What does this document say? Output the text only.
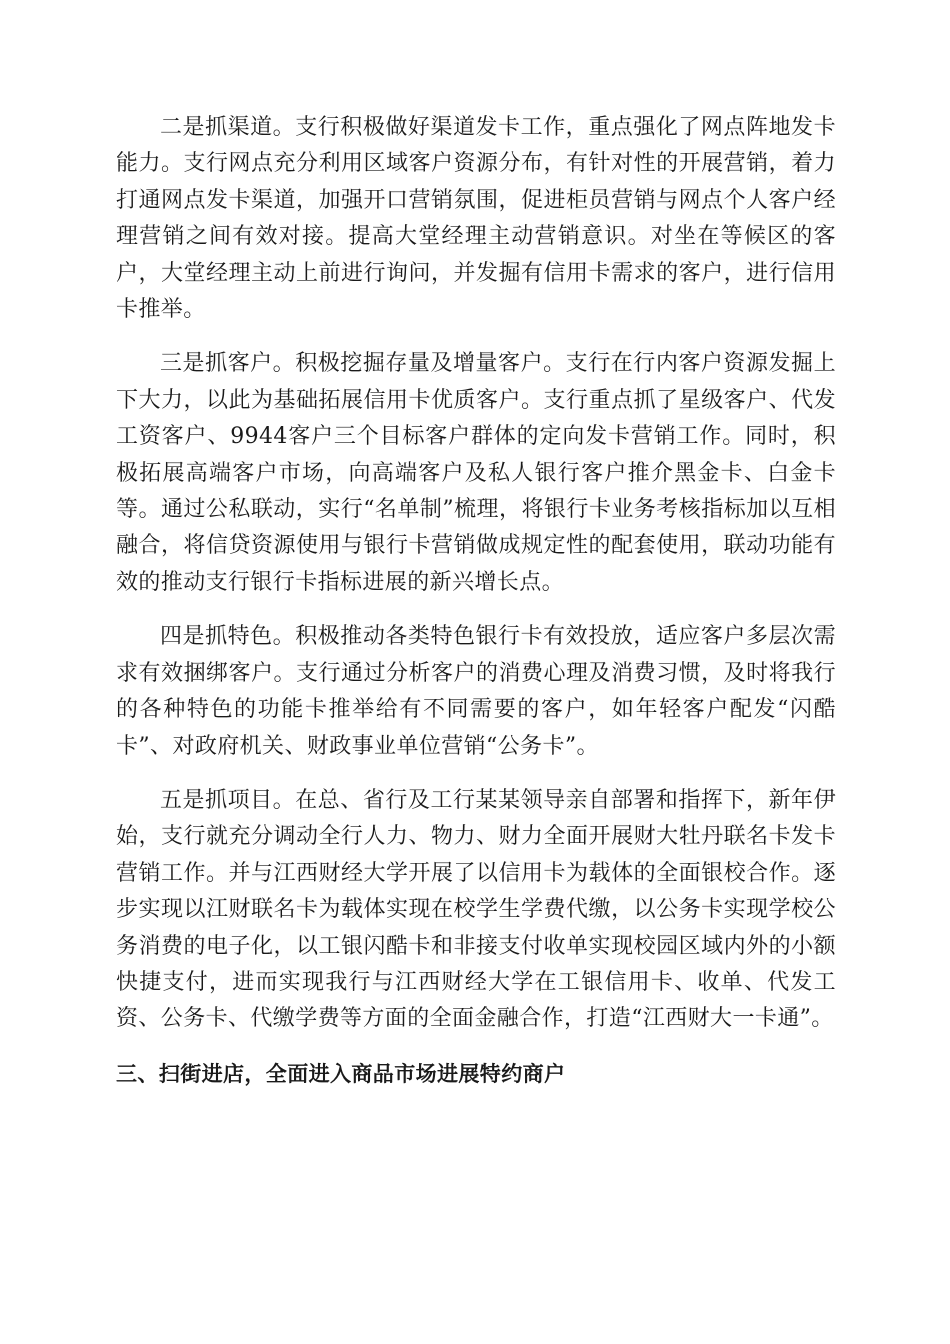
二是抓渠道。支行积极做好渠道发卡工作，重点强化了网点阵地发卡能力。支行网点充分利用区域客户资源分布，有针对性的开展营销，着力打通网点发卡渠道，加强开口营销氛围，促进柜员营销与网点个人客户经理营销之间有效对接。提高大堂经理主动营销意识。对坐在等候区的客户，大堂经理主动上前进行询问，并发掘有信用卡需求的客户，进行信用卡推举。

三是抓客户。积极挖掘存量及增量客户。支行在行内客户资源发掘上下大力，以此为基础拓展信用卡优质客户。支行重点抓了星级客户、代发工资客户、9944客户三个目标客户群体的定向发卡营销工作。同时，积极拓展高端客户市场，向高端客户及私人银行客户推介黑金卡、白金卡等。通过公私联动，实行“名单制”梳理，将银行卡业务考核指标加以互相融合，将信贷资源使用与银行卡营销做成规定性的配套使用，联动功能有效的推动支行银行卡指标进展的新兴增长点。

四是抓特色。积极推动各类特色银行卡有效投放，适应客户多层次需求有效捆绑客户。支行通过分析客户的消费心理及消费习惯，及时将我行的各种特色的功能卡推举给有不同需要的客户，如年轻客户配发“闪酷卡”、对政府机关、财政事业单位营销“公务卡”。

五是抓项目。在总、省行及工行某某领导亲自部署和指挥下，新年伊始，支行就充分调动全行人力、物力、财力全面开展财大牡丹联名卡发卡营销工作。并与江西财经大学开展了以信用卡为载体的全面银校合作。逐步实现以江财联名卡为载体实现在校学生学费代缴，以公务卡实现学校公务消费的电子化，以工银闪酷卡和非接支付收单实现校园区域内外的小额快捷支付，进而实现我行与江西财经大学在工银信用卡、收单、代发工资、公务卡、代缴学费等方面的全面金融合作，打造“江西财大一卡通”。

三、扫街进店，全面进入商品市场进展特约商户
